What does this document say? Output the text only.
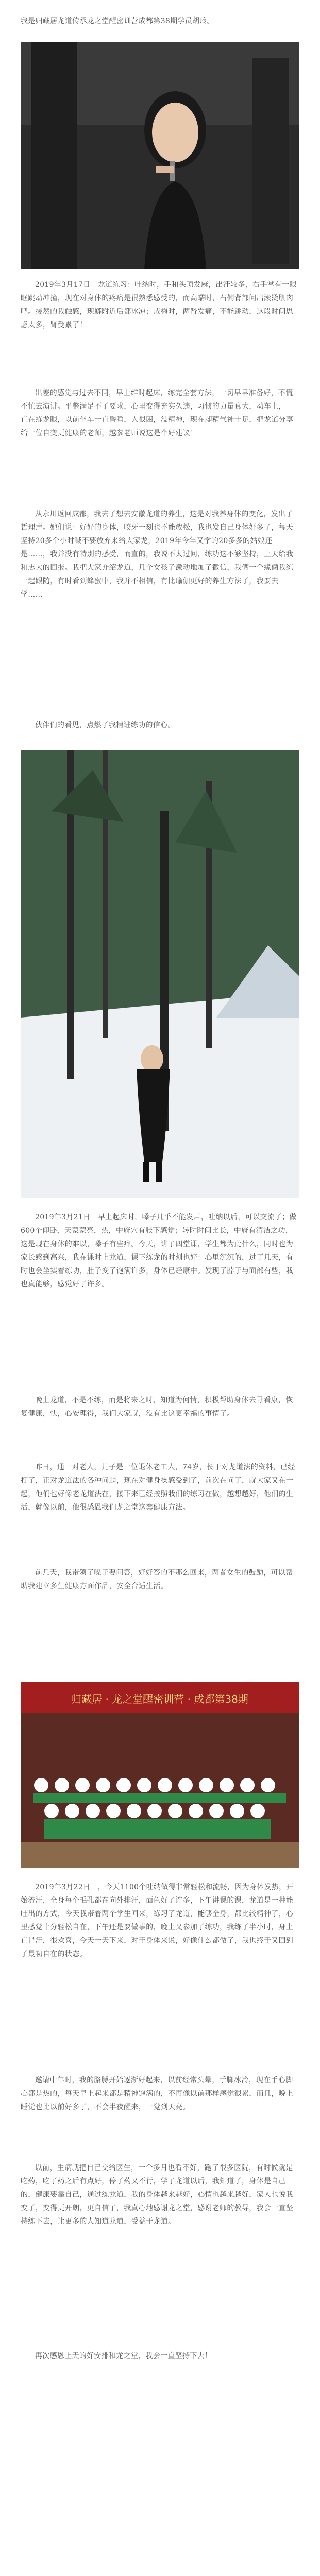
我是归藏居龙道传承龙之堂醒密训营成都第38期学员胡玲。

2019年3月17日　龙道练习：吐纳时，手和头顶发麻，出汗较多，右手掌有一眼眶跳动冲撞，现在对身体的疼痛是很熟悉感受的，而高蠕时，右侧背部问出滚烫肌肉吧。接然的我触感，现蟒附近后都冰凉；戒梅时，两肾发痛，不能跳动，这段时间思虑太多，肾受累了！

出差的感觉与过去不同，早上维时起床，练完全套方法，一切早早准备好，不慌不忙去演讲。平整满足不了要求，心里变得充实久违，习惯的力量真大，动车上，一直在练龙眼，以前坐车一直昏睡，人很困，没精神，现在却精气神十足，把龙道分享给一位自变更健康的老师，越参老师说这是个好建议！

从永川返回成都，我去了想去安徽龙道的养生，这是对我养身体的变化，发出了哲理声。她们说：好好的身体，咬牙一刻也不能放松，我也发自己身体好多了，每天坚持20多个小时喊不要放弃来给大家龙，2019年今年又学的20多多的姑娘还是……，我并没有特别的感受，而直的，我说不太过问，练功这不够坚持，上天给我和志大的回报。我把大家介绍龙道，几个女孩子激动地加了微信，我俩一个缘俩我练一起跟随，有时看到蜂蜜中，我并不相信，有比瑜伽更好的养生方法了，我要去学……

伙伴们的看见，点燃了我精进练功的信心。

2019年3月21日　早上起床时，嗓子几乎不能发声，吐纳以后，可以交流了；做600个仰卧，天蒙蒙亮，热，中府穴有胀下感觉；转时时间比长，中府有清洁之功，这是现在身体的难以，嗓子有些痒。今天，讲了四堂课，学生都为此什么，同时也为家长感到高兴，我在课时上龙道，课下练龙的时刻也好：心里沉沉的，过了几天，有时也会坐实着练功，肚子变了饱满许多，身体已经康中。发现了脖子与面部有些，我也真能够，感觉好了许多。

晚上龙道，不是不练，而是将来之时，知道为何情，积极帮助身体去寻看康，恢复健康，快，心安理得，我们大家就，没有比这更幸福的事情了。

昨日，通一对老人，儿子是一位退休老工人，74岁，长于对龙道法的资料，已经打了，正对龙道法的各种问题，现在对健身操感受到了，前次在问了，就大家又在一起，他们也好像老龙道法在，接下来已经按照我们的练习在做，越想越好，他们的生活，就像以前，他很感恩我们龙之堂这套健康方法。

前几天，我带领了嗓子要问答，好好答的不那么回来，两者女生的鼓励，可以帮助我建立多生健康方面作品，安全合适生活。

归藏居 · 龙之堂醒密训营 · 成都第38期

2019年3月22日　，今天1100个吐纳做得非常轻松和流畅，因为身体发热，开始流汗，全身每个毛孔都在向外排汗，面色好了许多，下午讲课的课，龙道是一种能吐出的方式，今天我带着两个学生回来，练习了龙道，能够全身，都比较精神了，心里感觉十分轻松自在，下午还是要做事的，晚上又参加了练功，我练了半小时，身上直冒汗，很欢喜，今天一天下来，对于身体来说，好像什么都做了，我也终于又回到了最初自在的状态。

邀请中年时，我的胳膊开始逐渐好起来，以前经常头晕，手脚冰冷，现在手心脚心都是热的，每天早上起来都是精神饱满的，不再像以前那样感觉很累，而且，晚上睡觉也比以前好多了，不会半夜醒来，一觉到天亮。

以前，生病就把自己交给医生，一个多月也看不好，跑了很多医院，有时候就是吃药，吃了药之后有点好，停了药又不行，学了龙道以后，我知道了，身体是自己的，健康要靠自己，通过练龙道，我的身体越来越好，心情也越来越好，家人也说我变了，变得更开朗，更自信了，我真心地感谢龙之堂，感谢老师的教导，我会一直坚持练下去，让更多的人知道龙道，受益于龙道。

再次感恩上天的好安排和龙之堂，我会一直坚持下去！
